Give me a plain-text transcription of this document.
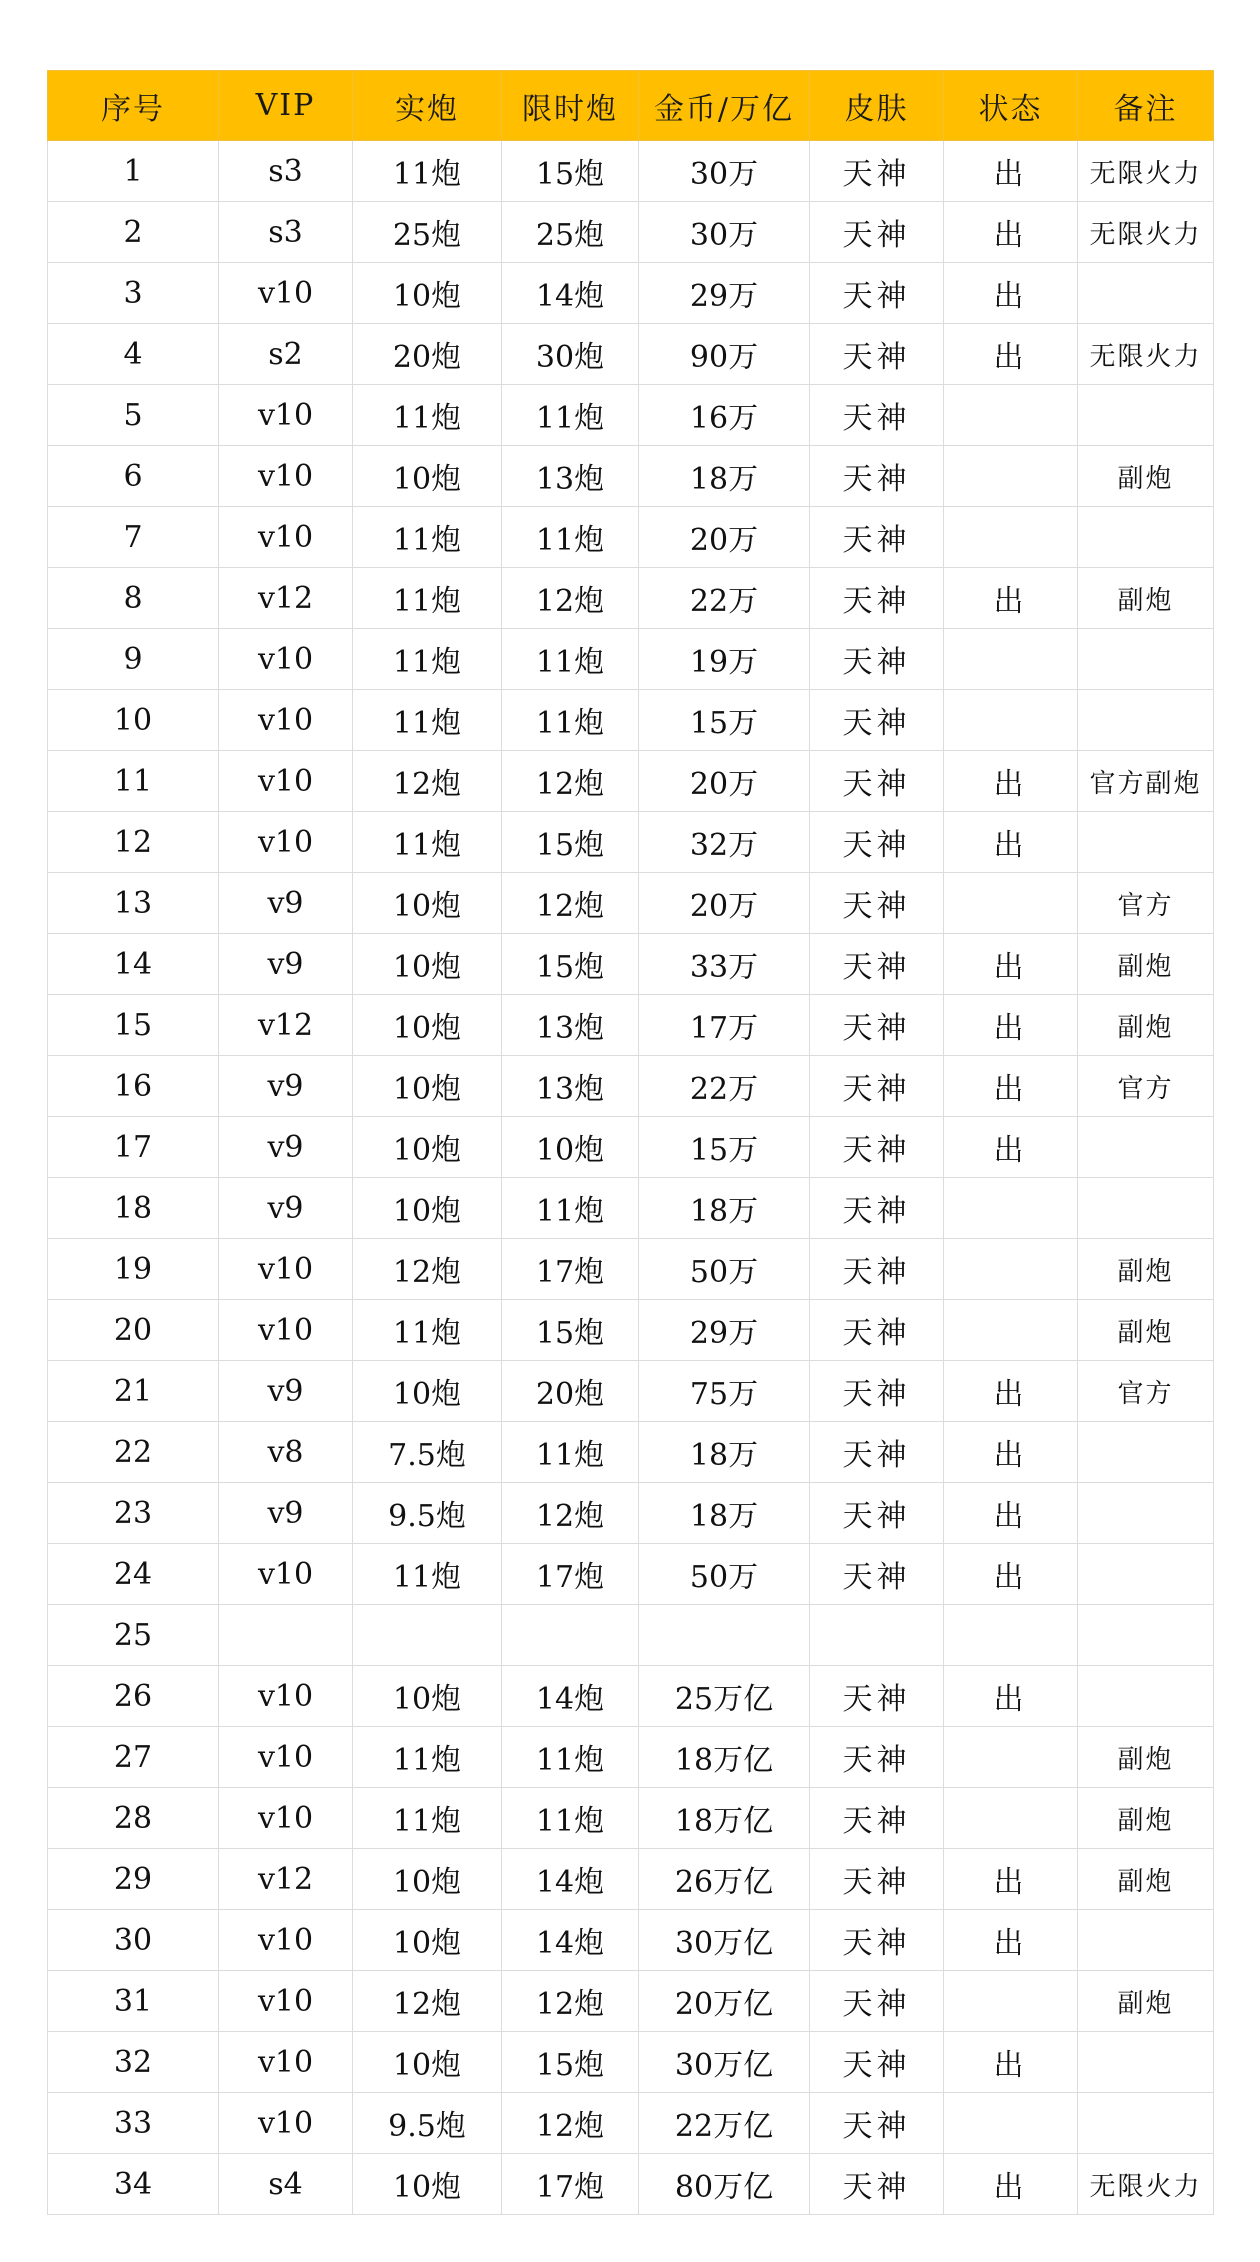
序号	VIP	实炮	限时炮	金币/万亿	皮肤	状态	备注
1	s3	11炮	15炮	30万	天神	出	无限火力
2	s3	25炮	25炮	30万	天神	出	无限火力
3	v10	10炮	14炮	29万	天神	出	
4	s2	20炮	30炮	90万	天神	出	无限火力
5	v10	11炮	11炮	16万	天神		
6	v10	10炮	13炮	18万	天神		副炮
7	v10	11炮	11炮	20万	天神		
8	v12	11炮	12炮	22万	天神	出	副炮
9	v10	11炮	11炮	19万	天神		
10	v10	11炮	11炮	15万	天神		
11	v10	12炮	12炮	20万	天神	出	官方副炮
12	v10	11炮	15炮	32万	天神	出	
13	v9	10炮	12炮	20万	天神		官方
14	v9	10炮	15炮	33万	天神	出	副炮
15	v12	10炮	13炮	17万	天神	出	副炮
16	v9	10炮	13炮	22万	天神	出	官方
17	v9	10炮	10炮	15万	天神	出	
18	v9	10炮	11炮	18万	天神		
19	v10	12炮	17炮	50万	天神		副炮
20	v10	11炮	15炮	29万	天神		副炮
21	v9	10炮	20炮	75万	天神	出	官方
22	v8	7.5炮	11炮	18万	天神	出	
23	v9	9.5炮	12炮	18万	天神	出	
24	v10	11炮	17炮	50万	天神	出	
25							
26	v10	10炮	14炮	25万亿	天神	出	
27	v10	11炮	11炮	18万亿	天神		副炮
28	v10	11炮	11炮	18万亿	天神		副炮
29	v12	10炮	14炮	26万亿	天神	出	副炮
30	v10	10炮	14炮	30万亿	天神	出	
31	v10	12炮	12炮	20万亿	天神		副炮
32	v10	10炮	15炮	30万亿	天神	出	
33	v10	9.5炮	12炮	22万亿	天神		
34	s4	10炮	17炮	80万亿	天神	出	无限火力
